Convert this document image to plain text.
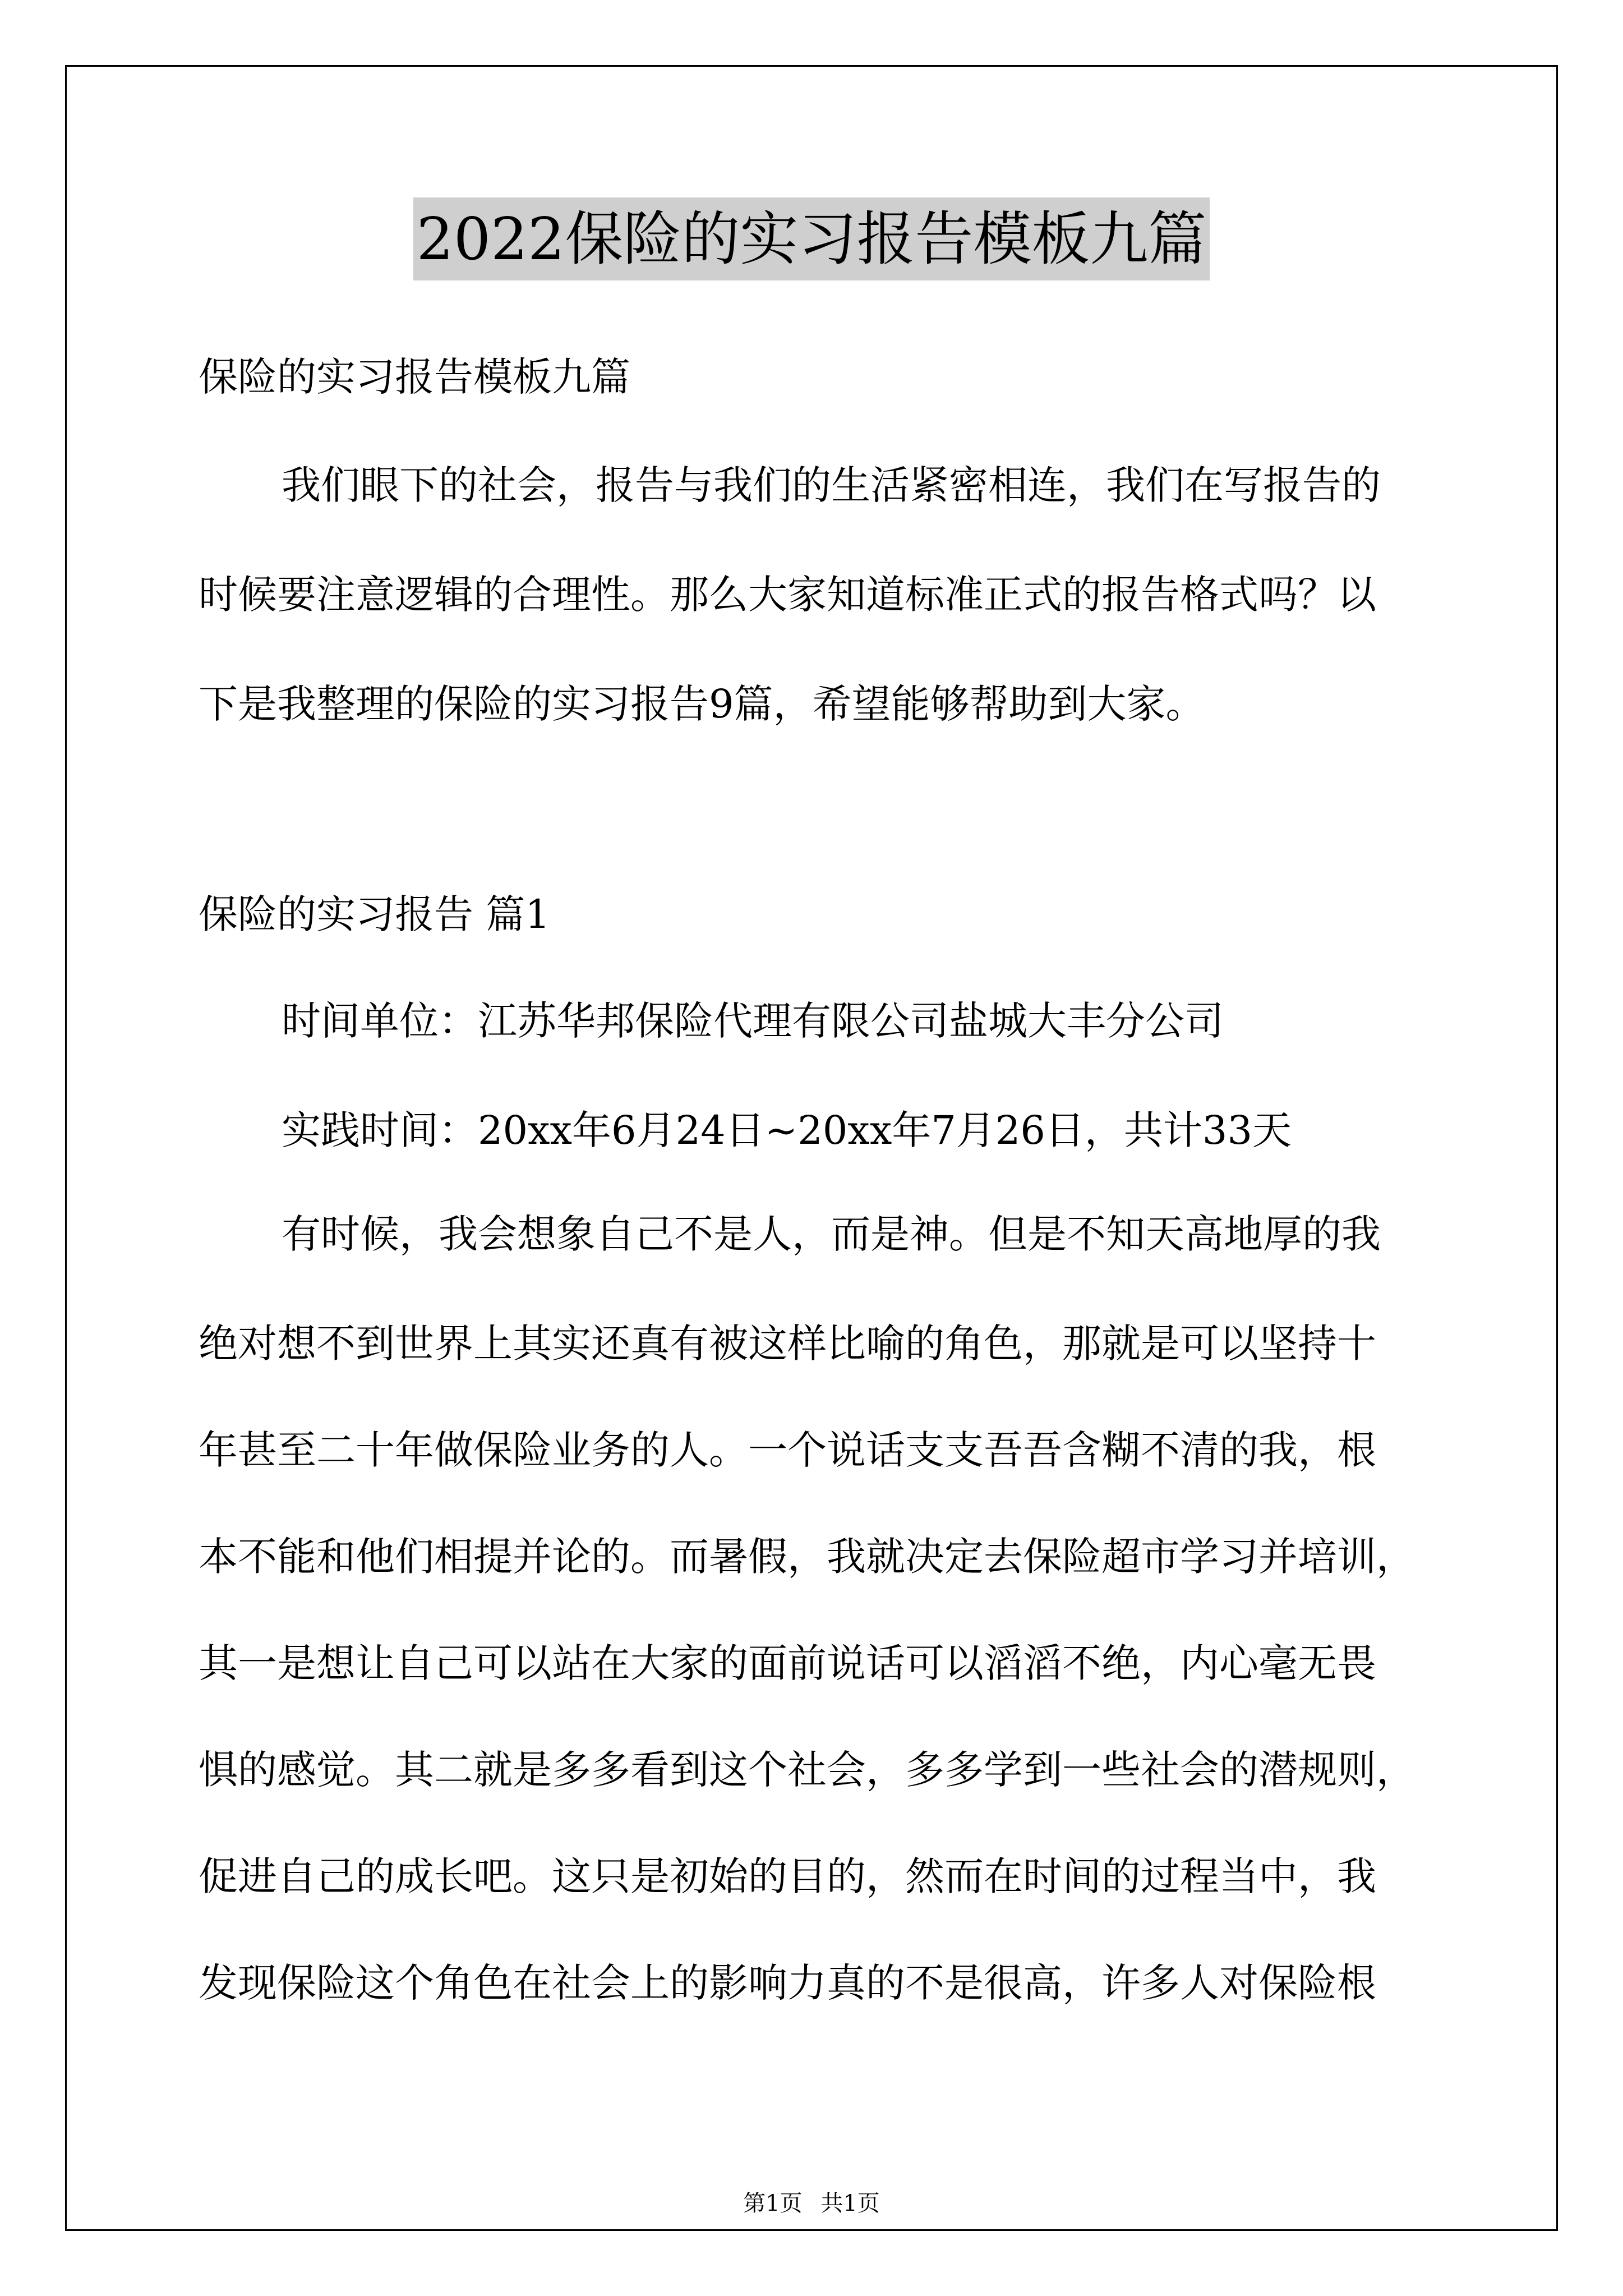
2022保险的实习报告模板九篇
保险的实习报告模板九篇
我们眼下的社会，报告与我们的生活紧密相连，我们在写报告的
时候要注意逻辑的合理性。那么大家知道标准正式的报告格式吗？以
下是我整理的保险的实习报告9篇，希望能够帮助到大家。
保险的实习报告 篇1
时间单位：江苏华邦保险代理有限公司盐城大丰分公司
实践时间：20xx年6月24日~20xx年7月26日，共计33天
有时候，我会想象自己不是人，而是神。但是不知天高地厚的我
绝对想不到世界上其实还真有被这样比喻的角色，那就是可以坚持十
年甚至二十年做保险业务的人。一个说话支支吾吾含糊不清的我，根
本不能和他们相提并论的。而暑假，我就决定去保险超市学习并培训，
其一是想让自己可以站在大家的面前说话可以滔滔不绝，内心毫无畏
惧的感觉。其二就是多多看到这个社会，多多学到一些社会的潜规则，
促进自己的成长吧。这只是初始的目的，然而在时间的过程当中，我
发现保险这个角色在社会上的影响力真的不是很高，许多人对保险根
第1页 共1页
